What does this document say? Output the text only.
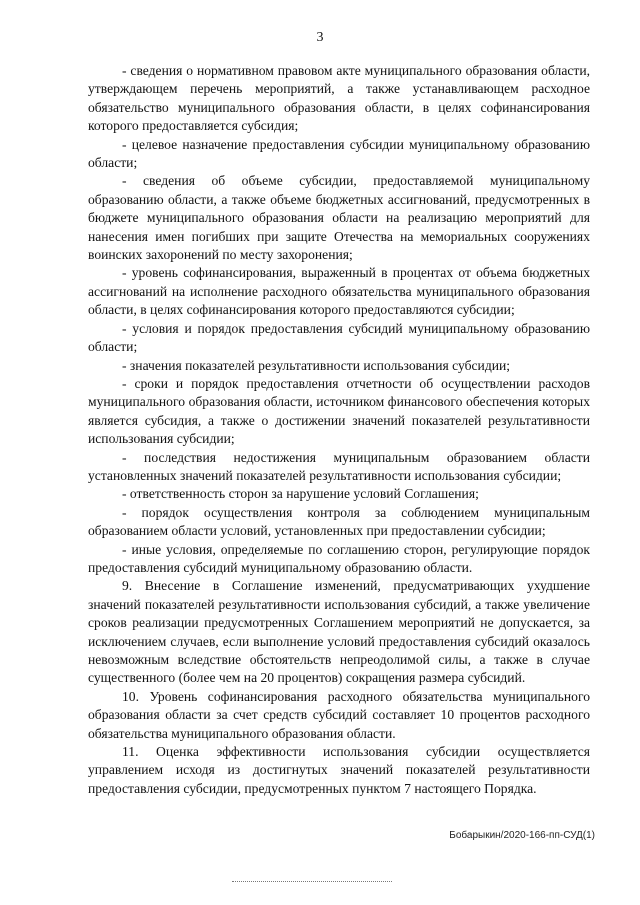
3

- сведения о нормативном правовом акте муниципального образования области, утверждающем перечень мероприятий, а также устанавливающем расходное обязательство муниципального образования области, в целях софинансирования которого предоставляется субсидия;

- целевое назначение предоставления субсидии муниципальному образованию области;

- сведения об объеме субсидии, предоставляемой муниципальному образованию области, а также объеме бюджетных ассигнований, предусмотренных в бюджете муниципального образования области на реализацию мероприятий для нанесения имен погибших при защите Отечества на мемориальных сооружениях воинских захоронений по месту захоронения;

- уровень софинансирования, выраженный в процентах от объема бюджетных ассигнований на исполнение расходного обязательства муниципального образования области, в целях софинансирования которого предоставляются субсидии;

- условия и порядок предоставления субсидий муниципальному образованию области;

- значения показателей результативности использования субсидии;

- сроки и порядок предоставления отчетности об осуществлении расходов муниципального образования области, источником финансового обеспечения которых является субсидия, а также о достижении значений показателей результативности использования субсидии;

- последствия недостижения муниципальным образованием области установленных значений показателей результативности использования субсидии;

- ответственность сторон за нарушение условий Соглашения;

- порядок осуществления контроля за соблюдением муниципальным образованием области условий, установленных при предоставлении субсидии;

- иные условия, определяемые по соглашению сторон, регулирующие порядок предоставления субсидий муниципальному образованию области.

9. Внесение в Соглашение изменений, предусматривающих ухудшение значений показателей результативности использования субсидий, а также увеличение сроков реализации предусмотренных Соглашением мероприятий не допускается, за исключением случаев, если выполнение условий предоставления субсидий оказалось невозможным вследствие обстоятельств непреодолимой силы, а также в случае существенного (более чем на 20 процентов) сокращения размера субсидий.

10. Уровень софинансирования расходного обязательства муниципального образования области за счет средств субсидий составляет 10 процентов расходного обязательства муниципального образования области.

11. Оценка эффективности использования субсидии осуществляется управлением исходя из достигнутых значений показателей результативности предоставления субсидии, предусмотренных пунктом 7 настоящего Порядка.

Бобарыкин/2020-166-пп-СУД(1)
